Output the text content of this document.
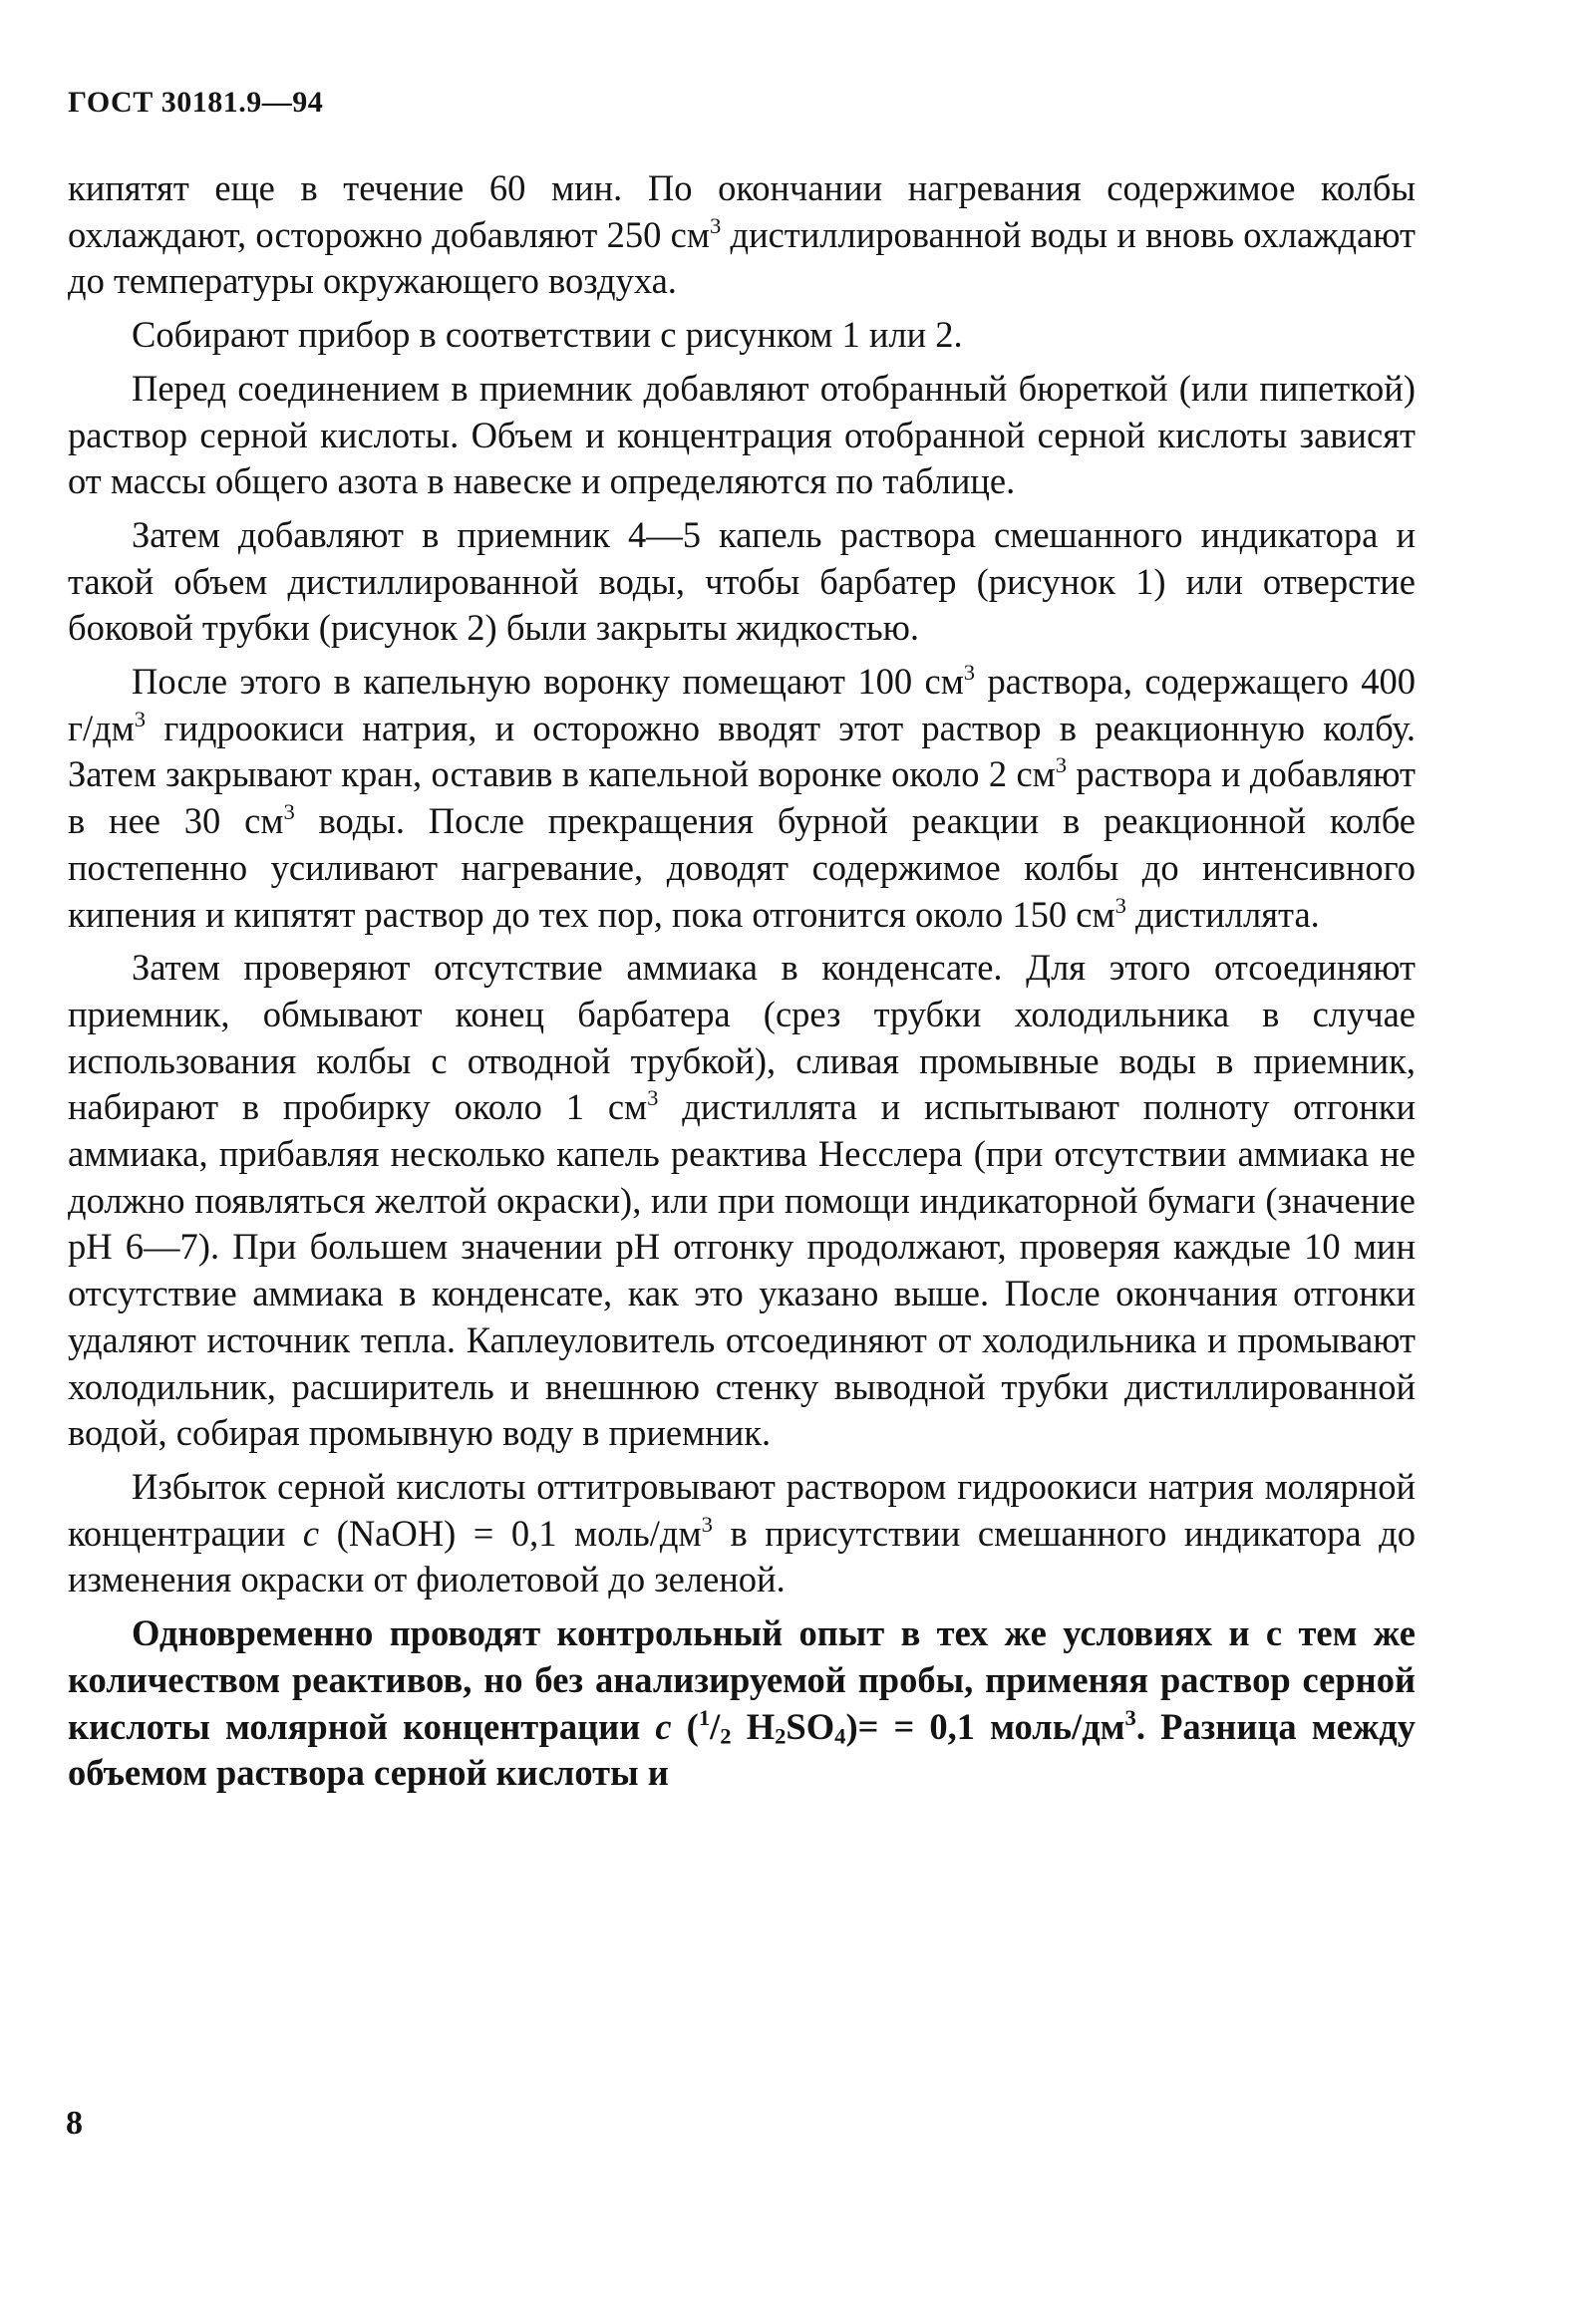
ГОСТ 30181.9—94

кипятят еще в течение 60 мин. По окончании нагревания содержимое колбы охлаждают, осторожно добавляют 250 $см^3$ дистиллированной воды и вновь охлаждают до температуры окружающего воздуха.

Собирают прибор в соответствии с рисунком 1 или 2.

Перед соединением в приемник добавляют отобранный бюреткой (или пипеткой) раствор серной кислоты. Объем и концентрация отобранной серной кислоты зависят от массы общего азота в навеске и определяются по таблице.

Затем добавляют в приемник 4—5 капель раствора смешанного индикатора и такой объем дистиллированной воды, чтобы барбатер (рисунок 1) или отверстие боковой трубки (рисунок 2) были закрыты жидкостью.

После этого в капельную воронку помещают 100 $см^3$ раствора, содержащего 400 $г/дм^3$ гидроокиси натрия, и осторожно вводят этот раствор в реакционную колбу. Затем закрывают кран, оставив в капельной воронке около 2 $см^3$ раствора и добавляют в нее 30 $см^3$ воды. После прекращения бурной реакции в реакционной колбе постепенно усиливают нагревание, доводят содержимое колбы до интенсивного кипения и кипятят раствор до тех пор, пока отгонится около 150 $см^3$ дистиллята.

Затем проверяют отсутствие аммиака в конденсате. Для этого отсоединяют приемник, обмывают конец барбатера (срез трубки холодильника в случае использования колбы с отводной трубкой), сливая промывные воды в приемник, набирают в пробирку около 1 $см^3$ дистиллята и испытывают полноту отгонки аммиака, прибавляя несколько капель реактива Несслера (при отсутствии аммиака не должно появляться желтой окраски), или при помощи индикаторной бумаги (значение рН 6—7). При большем значении рН отгонку продолжают, проверяя каждые 10 мин отсутствие аммиака в конденсате, как это указано выше. После окончания отгонки удаляют источник тепла. Каплеуловитель отсоединяют от холодильника и промывают холодильник, расширитель и внешнюю стенку выводной трубки дистиллированной водой, собирая промывную воду в приемник.

Избыток серной кислоты оттитровывают раствором гидроокиси натрия молярной концентрации c (NaOH) = 0,1 моль/$дм^3$ в присутствии смешанного индикатора до изменения окраски от фиолетовой до зеленой.

Одновременно проводят контрольный опыт в тех же условиях и с тем же количеством реактивов, но без анализируемой пробы, применяя раствор серной кислоты молярной концентрации c ($^1/_2$ $H_2SO_4)= = 0,1$ моль/$дм^3$. Разница между объемом раствора серной кислоты и

8
